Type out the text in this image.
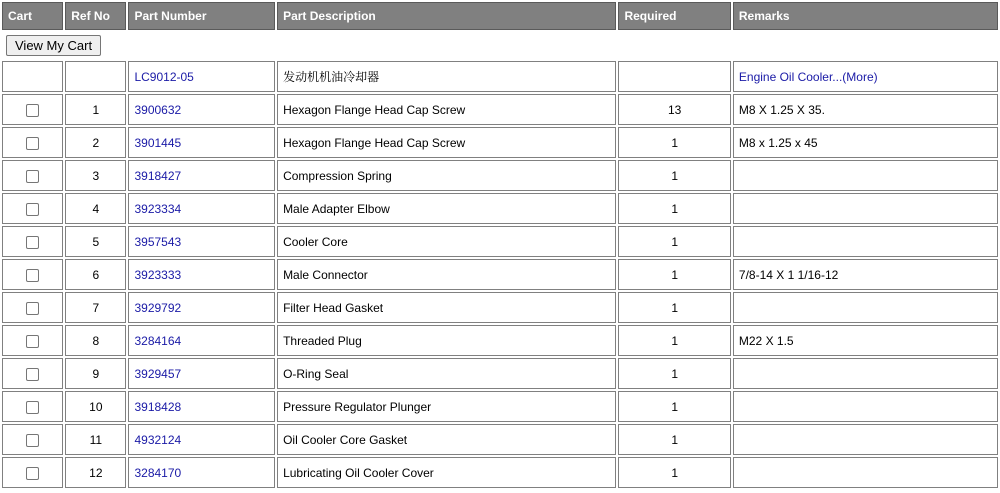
Cart	Ref No	Part Number	Part Description	Required	Remarks
View My Cart					
		LC9012-05	发动机机油冷却器		Engine Oil Cooler...(More)
	1	3900632	Hexagon Flange Head Cap Screw	13	M8 X 1.25 X 35.
	2	3901445	Hexagon Flange Head Cap Screw	1	M8 x 1.25 x 45
	3	3918427	Compression Spring	1	
	4	3923334	Male Adapter Elbow	1	
	5	3957543	Cooler Core	1	
	6	3923333	Male Connector	1	7/8-14 X 1 1/16-12
	7	3929792	Filter Head Gasket	1	
	8	3284164	Threaded Plug	1	M22 X 1.5
	9	3929457	O-Ring Seal	1	
	10	3918428	Pressure Regulator Plunger	1	
	11	4932124	Oil Cooler Core Gasket	1	
	12	3284170	Lubricating Oil Cooler Cover	1	
